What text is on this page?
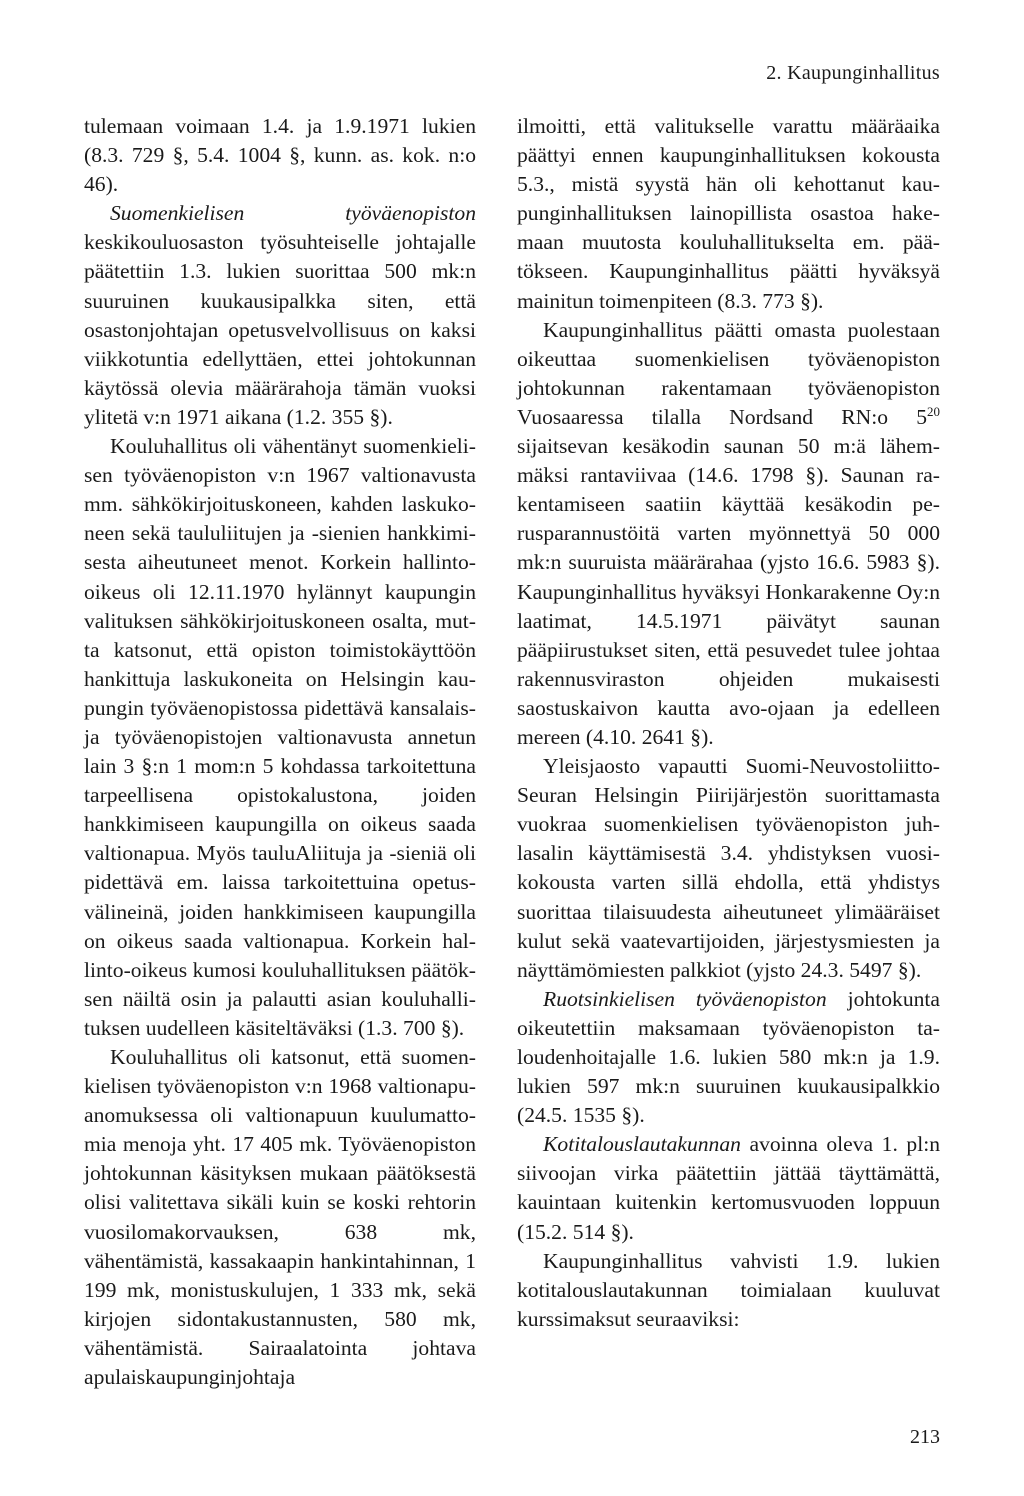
2. Kaupunginhallitus

tulemaan voimaan 1.4. ja 1.9.1971 lukien (8.3. 729 §, 5.4. 1004 §, kunn. as. kok. n:o 46).

Suomenkielisen työväenopiston keskikouluosaston työsuhteiselle johtajalle päätettiin 1.3. lukien suorittaa 500 mk:n suuruinen kuukausipalkka siten, että osastonjohtajan opetusvelvollisuus on kaksi viikkotuntia edellyttäen, ettei johtokunnan käytössä olevia määrärahoja tämän vuoksi ylitetä v:n 1971 aikana (1.2. 355 §).

Kouluhallitus oli vähentänyt suomenkielisen työväenopiston v:n 1967 valtionavusta mm. sähkökirjoituskoneen, kahden laskukoneen sekä taululiitujen ja -sienien hankkimisesta aiheutuneet menot. Korkein hallintooikeus oli 12.11.1970 hylännyt kaupungin valituksen sähkökirjoituskoneen osalta, mutta katsonut, että opiston toimistokäyttöön hankittuja laskukoneita on Helsingin kaupungin työväenopistossa pidettävä kansalais- ja työväenopistojen valtionavusta annetun lain 3 §:n 1 mom:n 5 kohdassa tarkoitettuna tarpeellisena opistokalustona, joiden hankkimiseen kaupungilla on oikeus saada valtionapua. Myös tauluAliituja ja -sieniä oli pidettävä em. laissa tarkoitettuina opetusvälineinä, joiden hankkimiseen kaupungilla on oikeus saada valtionapua. Korkein hallinto-oikeus kumosi kouluhallituksen päätöksen näiltä osin ja palautti asian kouluhallituksen uudelleen käsiteltäväksi (1.3. 700 §).

Kouluhallitus oli katsonut, että suomenkielisen työväenopiston v:n 1968 valtionapuanomuksessa oli valtionapuun kuulumattomia menoja yht. 17 405 mk. Työväenopiston johtokunnan käsityksen mukaan päätöksestä olisi valitettava sikäli kuin se koski rehtorin vuosilomakorvauksen, 638 mk, vähentämistä, kassakaapin hankintahinnan, 1 199 mk, monistuskulujen, 1 333 mk, sekä kirjojen sidontakustannusten, 580 mk, vähentämistä. Sairaalatointa johtava apulaiskaupunginjohtaja

ilmoitti, että valitukselle varattu määräaika päättyi ennen kaupunginhallituksen kokousta 5.3., mistä syystä hän oli kehottanut kaupunginhallituksen lainopillista osastoa hakemaan muutosta kouluhallitukselta em. päätökseen. Kaupunginhallitus päätti hyväksyä mainitun toimenpiteen (8.3. 773 §).

Kaupunginhallitus päätti omasta puolestaan oikeuttaa suomenkielisen työväenopiston johtokunnan rakentamaan työväenopiston Vuosaaressa tilalla Nordsand RN:o $5^{20}$ sijaitsevan kesäkodin saunan 50 m:ä lähemmäksi rantaviivaa (14.6. 1798 §). Saunan rakentamiseen saatiin käyttää kesäkodin perusparannustöitä varten myönnettyä 50 000 mk:n suuruista määrärahaa (yjsto 16.6. 5983 §). Kaupunginhallitus hyväksyi Honkarakenne Oy:n laatimat, 14.5.1971 päivätyt saunan pääpiirustukset siten, että pesuvedet tulee johtaa rakennusviraston ohjeiden mukaisesti saostuskaivon kautta avo-ojaan ja edelleen mereen (4.10. 2641 §).

Yleisjaosto vapautti Suomi-Neuvostoliitto-Seuran Helsingin Piirijärjestön suorittamasta vuokraa suomenkielisen työväenopiston juhlasalin käyttämisestä 3.4. yhdistyksen vuosikokousta varten sillä ehdolla, että yhdistys suorittaa tilaisuudesta aiheutuneet ylimääräiset kulut sekä vaatevartijoiden, järjestysmiesten ja näyttämömiesten palkkiot (yjsto 24.3. 5497 §).

Ruotsinkielisen työväenopiston johtokunta oikeutettiin maksamaan työväenopiston taloudenhoitajalle 1.6. lukien 580 mk:n ja 1.9. lukien 597 mk:n suuruinen kuukausipalkkio (24.5. 1535 §).

Kotitalouslautakunnan avoinna oleva 1. pl:n siivoojan virka päätettiin jättää täyttämättä, kauintaan kuitenkin kertomusvuoden loppuun (15.2. 514 §).

Kaupunginhallitus vahvisti 1.9. lukien kotitalouslautakunnan toimialaan kuuluvat kurssimaksut seuraaviksi:

213
